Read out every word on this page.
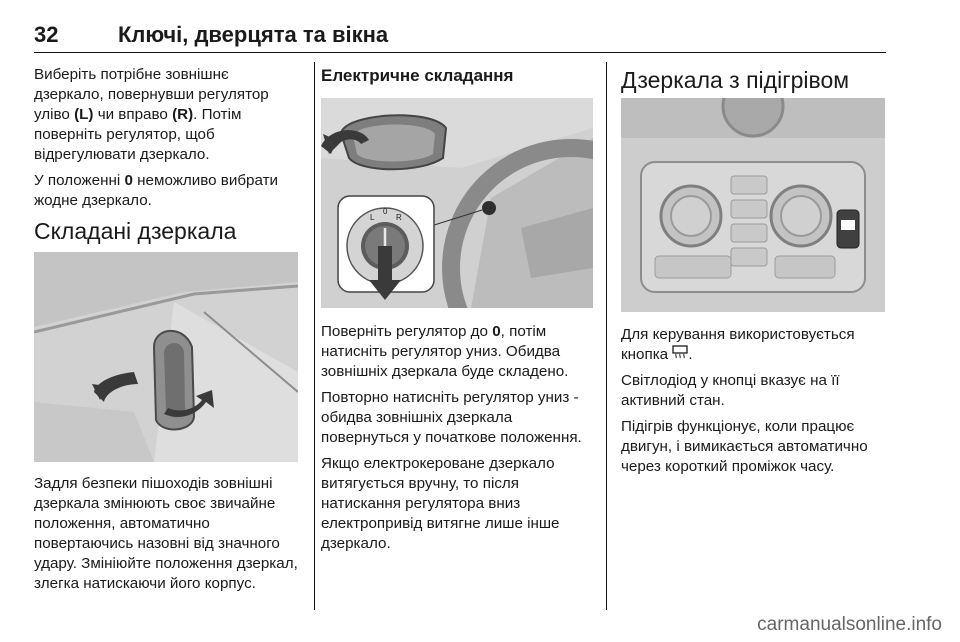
32	Ключі, дверцята та вікна

Виберіть потрібне зовнішнє дзеркало, повернувши регулятор уліво (L) чи вправо (R). Потім поверніть регулятор, щоб відрегулювати дзеркало.

У положенні 0 неможливо вибрати жодне дзеркало.

Складані дзеркала
Задля безпеки пішоходів зовнішні дзеркала змінюють своє звичайне положення, автоматично повертаючись назовні від значного удару. Змініюйте положення дзеркал, злегка натискаючи його корпус.
Електричне складання
L
0
R

Поверніть регулятор до 0, потім натисніть регулятор униз. Обидва зовнішніх дзеркала буде складено.

Повторно натисніть регулятор униз - обидва зовнішніх дзеркала повернуться у початкове положення.

Якщо електрокероване дзеркало витягується вручну, то після натискання регулятора вниз електропривід витягне лише інше дзеркало.

Дзеркала з підігрівом

Для керування використовується кнопка .

Світлодіод у кнопці вказує на її активний стан.

Підігрів функціонує, коли працює двигун, і вимикається автоматично через короткий проміжок часу.

carmanualsonline.info
